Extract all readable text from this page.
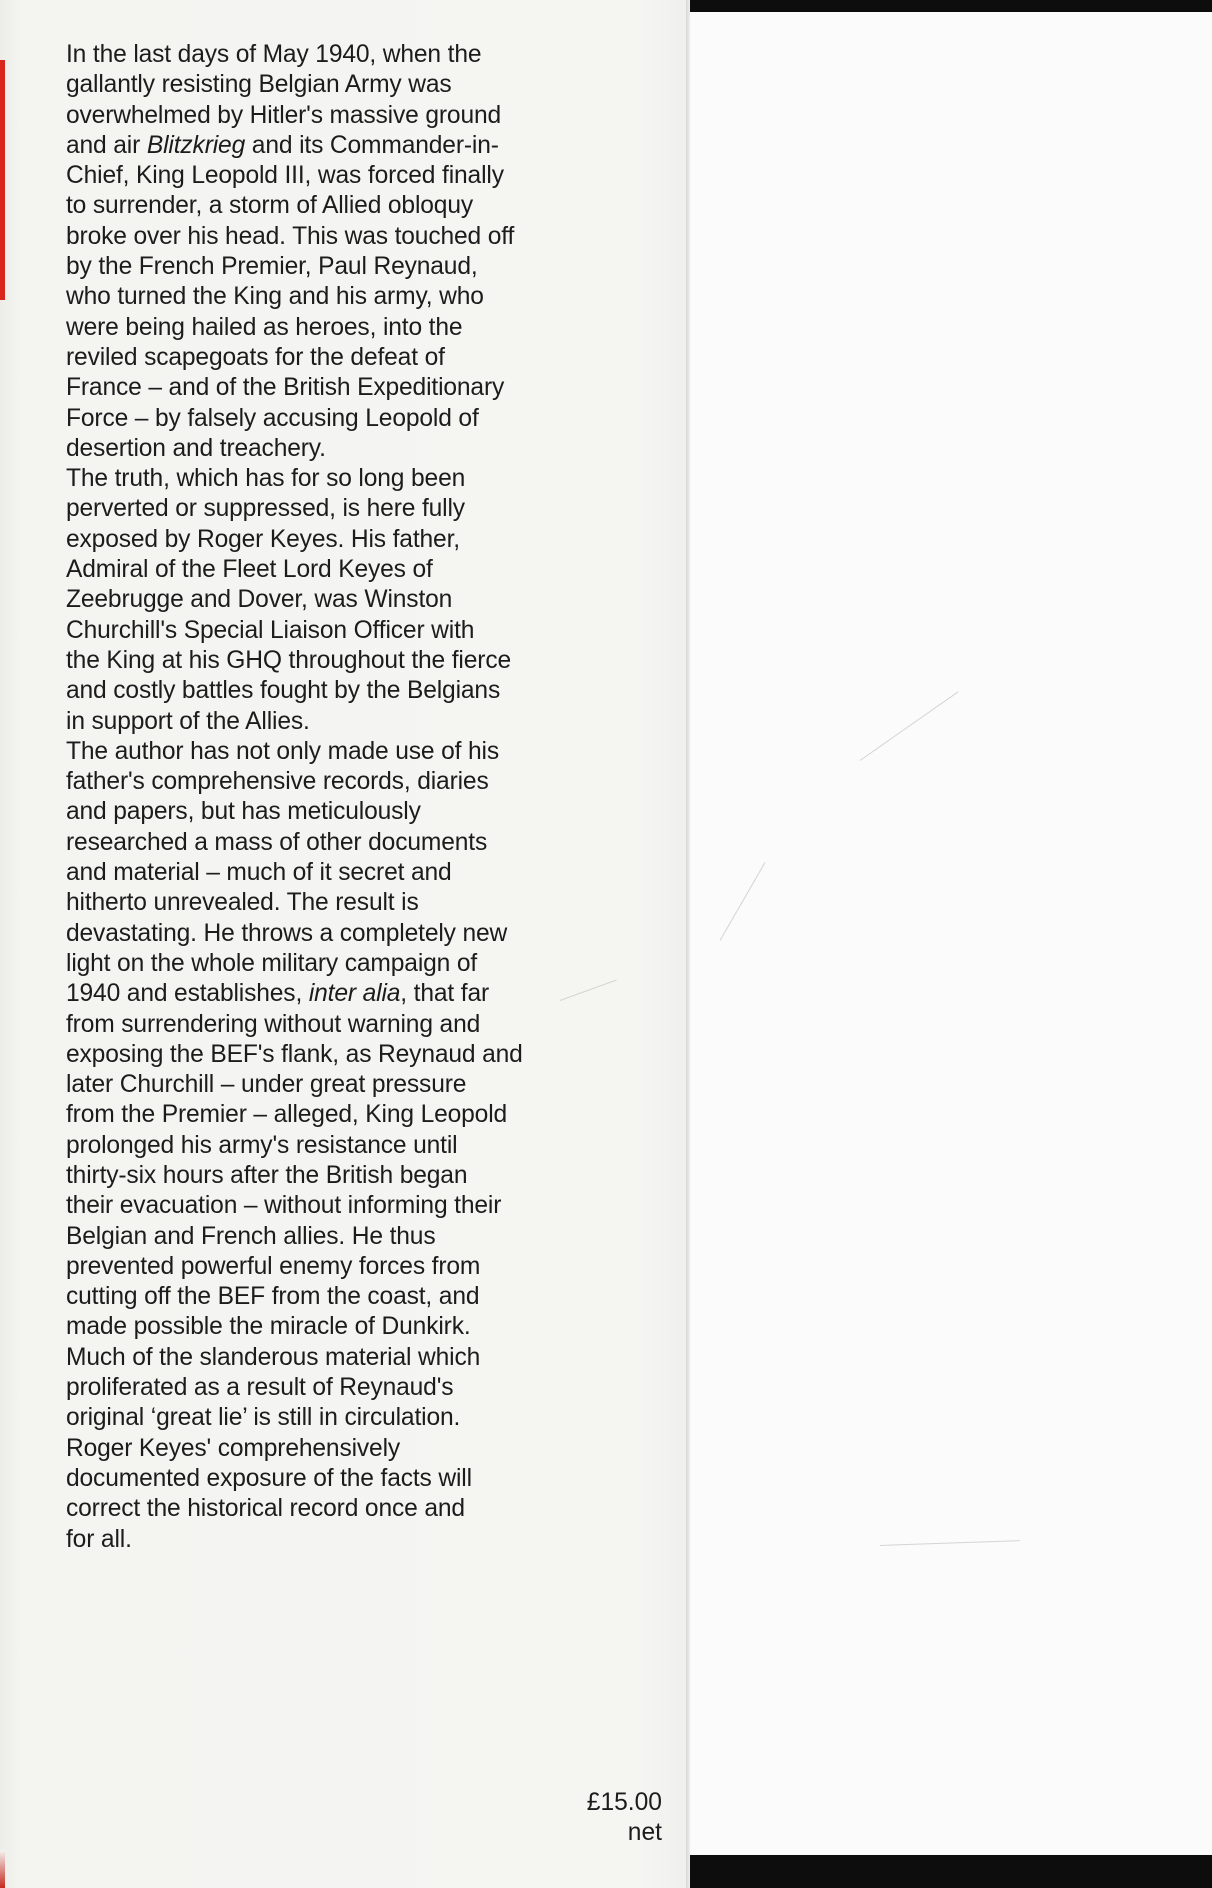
In the last days of May 1940, when the
gallantly resisting Belgian Army was
overwhelmed by Hitler's massive ground
and air Blitzkrieg and its Commander-in-
Chief, King Leopold III, was forced finally
to surrender, a storm of Allied obloquy
broke over his head. This was touched off
by the French Premier, Paul Reynaud,
who turned the King and his army, who
were being hailed as heroes, into the
reviled scapegoats for the defeat of
France – and of the British Expeditionary
Force – by falsely accusing Leopold of
desertion and treachery.
The truth, which has for so long been
perverted or suppressed, is here fully
exposed by Roger Keyes. His father,
Admiral of the Fleet Lord Keyes of
Zeebrugge and Dover, was Winston
Churchill's Special Liaison Officer with
the King at his GHQ throughout the fierce
and costly battles fought by the Belgians
in support of the Allies.
The author has not only made use of his
father's comprehensive records, diaries
and papers, but has meticulously
researched a mass of other documents
and material – much of it secret and
hitherto unrevealed. The result is
devastating. He throws a completely new
light on the whole military campaign of
1940 and establishes, inter alia, that far
from surrendering without warning and
exposing the BEF's flank, as Reynaud and
later Churchill – under great pressure
from the Premier – alleged, King Leopold
prolonged his army's resistance until
thirty-six hours after the British began
their evacuation – without informing their
Belgian and French allies. He thus
prevented powerful enemy forces from
cutting off the BEF from the coast, and
made possible the miracle of Dunkirk.
Much of the slanderous material which
proliferated as a result of Reynaud's
original ‘great lie’ is still in circulation.
Roger Keyes' comprehensively
documented exposure of the facts will
correct the historical record once and
for all.
£15.00
net
